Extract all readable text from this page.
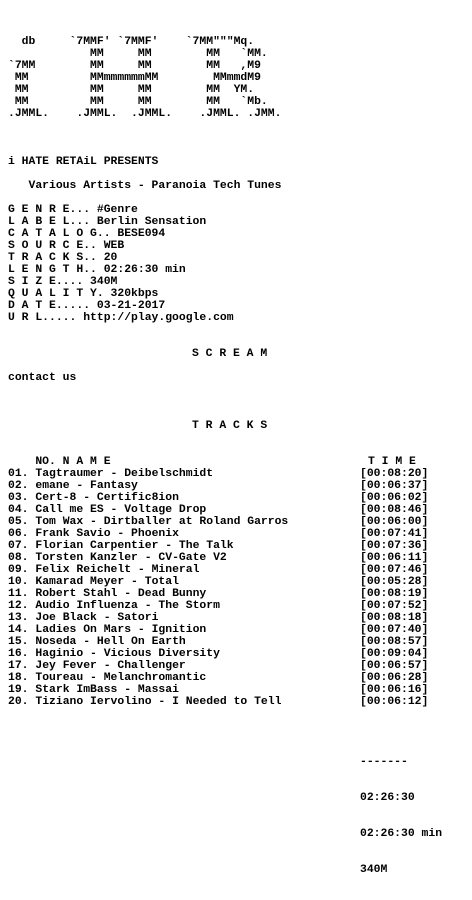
db     `7MMF' `7MMF'    `7MM"""Mq.
MM     MM        MM   `MM.
`7MM        MM     MM        MM   ,M9
MM         MMmmmmmmMM        MMmmdM9
MM         MM     MM        MM  YM.
MM         MM     MM        MM   `Mb.
.JMML.    .JMML.  .JMML.    .JMML. .JMM.

i HATE RETAiL PRESENTS

Various Artists - Paranoia Tech Tunes

G E N R E... #Genre
L A B E L... Berlin Sensation
C A T A L O G.. BESE094
S O U R C E.. WEB
T R A C K S.. 20
L E N G T H.. 02:26:30 min
S I Z E.... 340M
Q U A L I T Y. 320kbps
D A T E..... 03-21-2017
U R L..... http://play.google.com

S C R E A M

contact us

T R A C K S

NO. N A M E	T I M E

01. Tagtraumer - Deibelschmidt	[00:08:20]
02. emane - Fantasy	[00:06:37]
03. Cert-8 - Certific8ion	[00:06:02]
04. Call me ES - Voltage Drop	[00:08:46]
05. Tom Wax - Dirtballer at Roland Garros	[00:06:00]
06. Frank Savio - Phoenix	[00:07:41]
07. Florian Carpentier - The Talk	[00:07:36]
08. Torsten Kanzler - CV-Gate V2	[00:06:11]
09. Felix Reichelt - Mineral	[00:07:46]
10. Kamarad Meyer - Total	[00:05:28]
11. Robert Stahl - Dead Bunny	[00:08:19]
12. Audio Influenza - The Storm	[00:07:52]
13. Joe Black - Satori	[00:08:18]
14. Ladies On Mars - Ignition	[00:07:40]
15. Noseda - Hell On Earth	[00:08:57]
16. Haginio - Vicious Diversity	[00:09:04]
17. Jey Fever - Challenger	[00:06:57]
18. Toureau - Melanchromantic	[00:06:28]
19. Stark ImBass - Massai	[00:06:16]
20. Tiziano Iervolino - I Needed to Tell	[00:06:12]

-------

02:26:30

02:26:30 min

340M
